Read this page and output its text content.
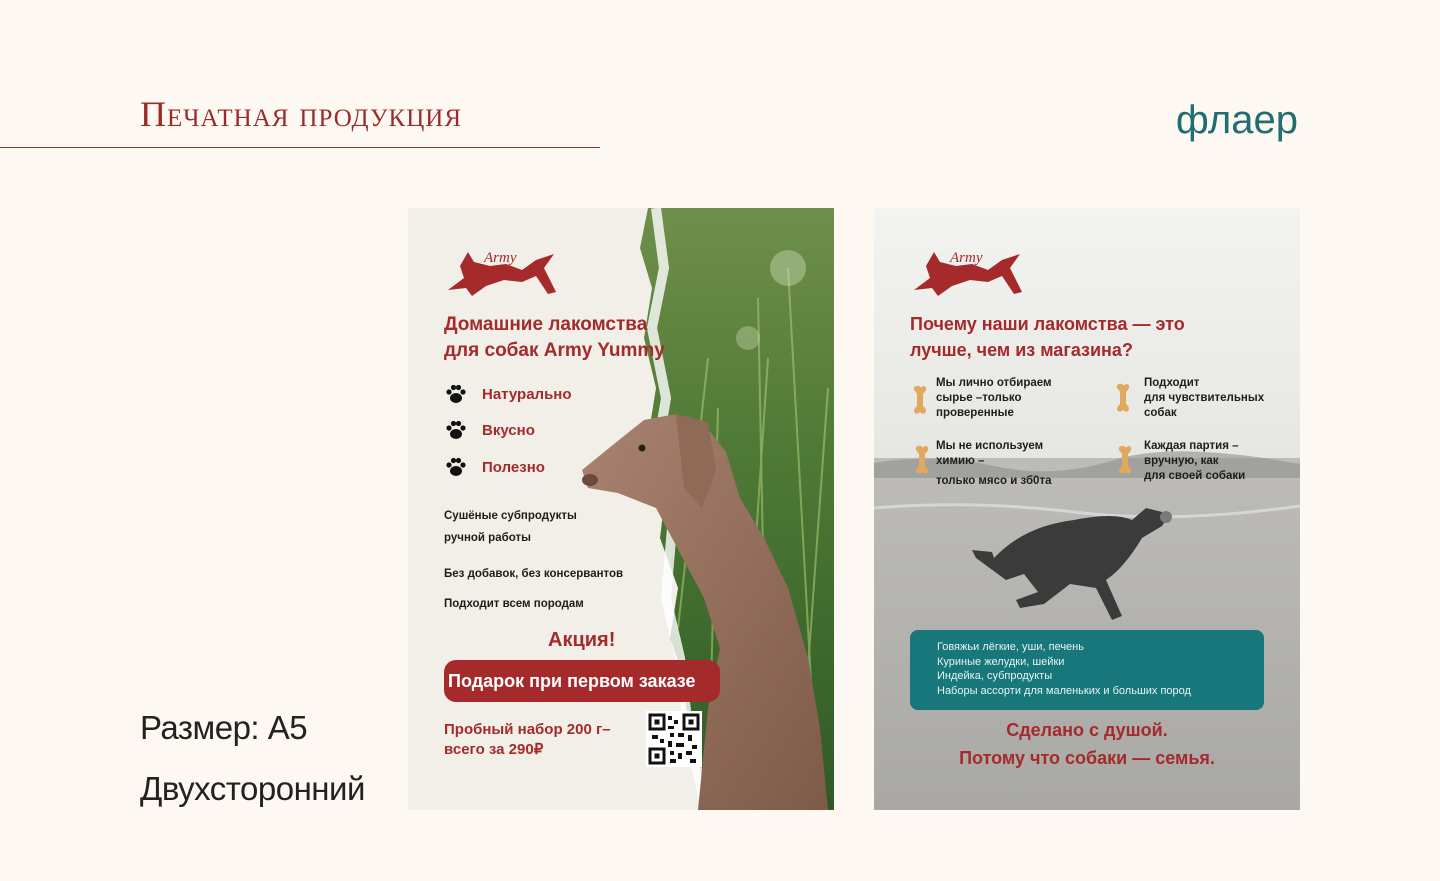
Печатная продукция	флаер
Размер: А5
Двухсторонний
Army
Yummy
Домашние лакомства
для собак Army Yummy
Натурально
Вкусно
Полезно
Сушёные субпродукты
ручной работы
Без добавок, без консервантов
Подходит всем породам
Акция!
Подарок при первом заказе
Пробный набор 200 г–
всего за 290₽
Army
Yummy
Почему наши лакомства — это
лучше, чем из магазина?
Мы лично отбираем
сырье –только
проверенные
Подходит
для чувствительных
собак
Мы не используем
химию –
только мясо и зб0та
Каждая партия –
вручную, как
для своей собаки
Говяжьи лёгкие, уши, печень
Куриные желудки, шейки
Индейка, субпродукты
Наборы ассорти для маленьких и больших пород
Сделано с душой.
Потому что собаки — семья.
